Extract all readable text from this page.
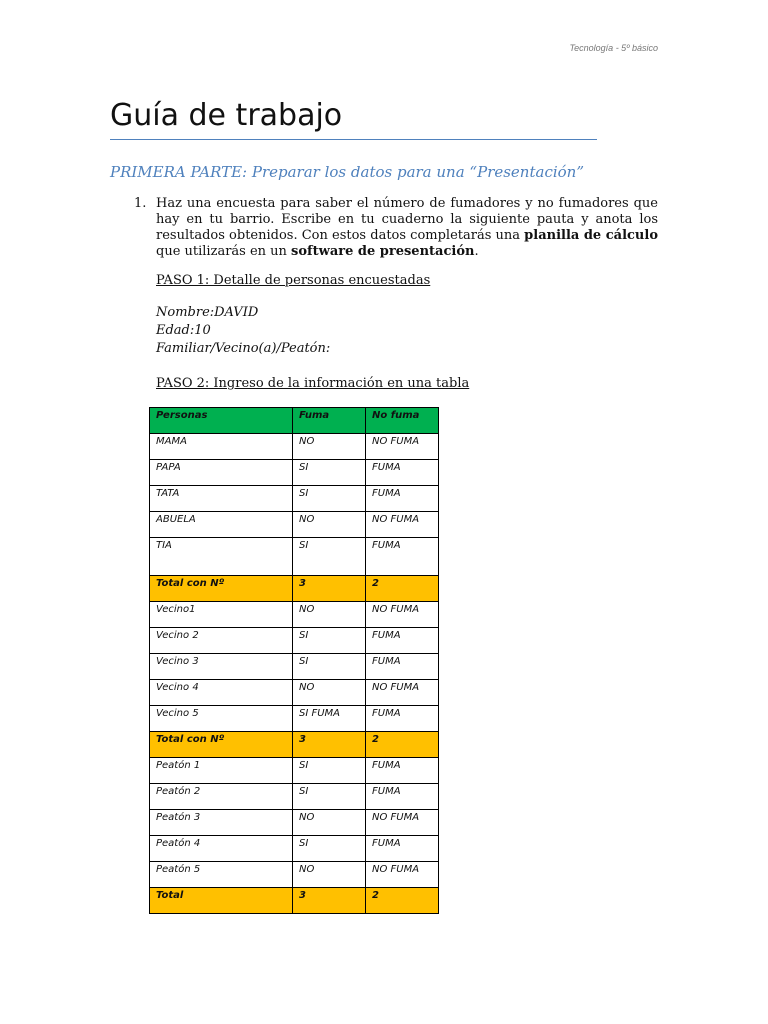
Tecnología - 5º básico
Guía de trabajo
PRIMERA PARTE: Preparar los datos para una “Presentación”
1. Haz una encuesta para saber el número de fumadores y no fumadores que hay en tu barrio. Escribe en tu cuaderno la siguiente pauta y anota los resultados obtenidos. Con estos datos completarás una planilla de cálculo que utilizarás en un software de presentación.
PASO 1: Detalle de personas encuestadas
Nombre:DAVID
Edad:10
Familiar/Vecino(a)/Peatón:
PASO 2: Ingreso de la información en una tabla
Personas	Fuma	No fuma
MAMA	NO	NO FUMA
PAPA	SI	FUMA
TATA	SI	FUMA
ABUELA	NO	NO FUMA
TIA	SI	FUMA
Total con Nº	3	2
Vecino1	NO	NO FUMA
Vecino 2	SI	FUMA
Vecino 3	SI	FUMA
Vecino 4	NO	NO FUMA
Vecino 5	SI FUMA	FUMA
Total con Nº	3	2
Peatón 1	SI	FUMA
Peatón 2	SI	FUMA
Peatón 3	NO	NO FUMA
Peatón 4	SI	FUMA
Peatón 5	NO	NO FUMA
Total	3	2
